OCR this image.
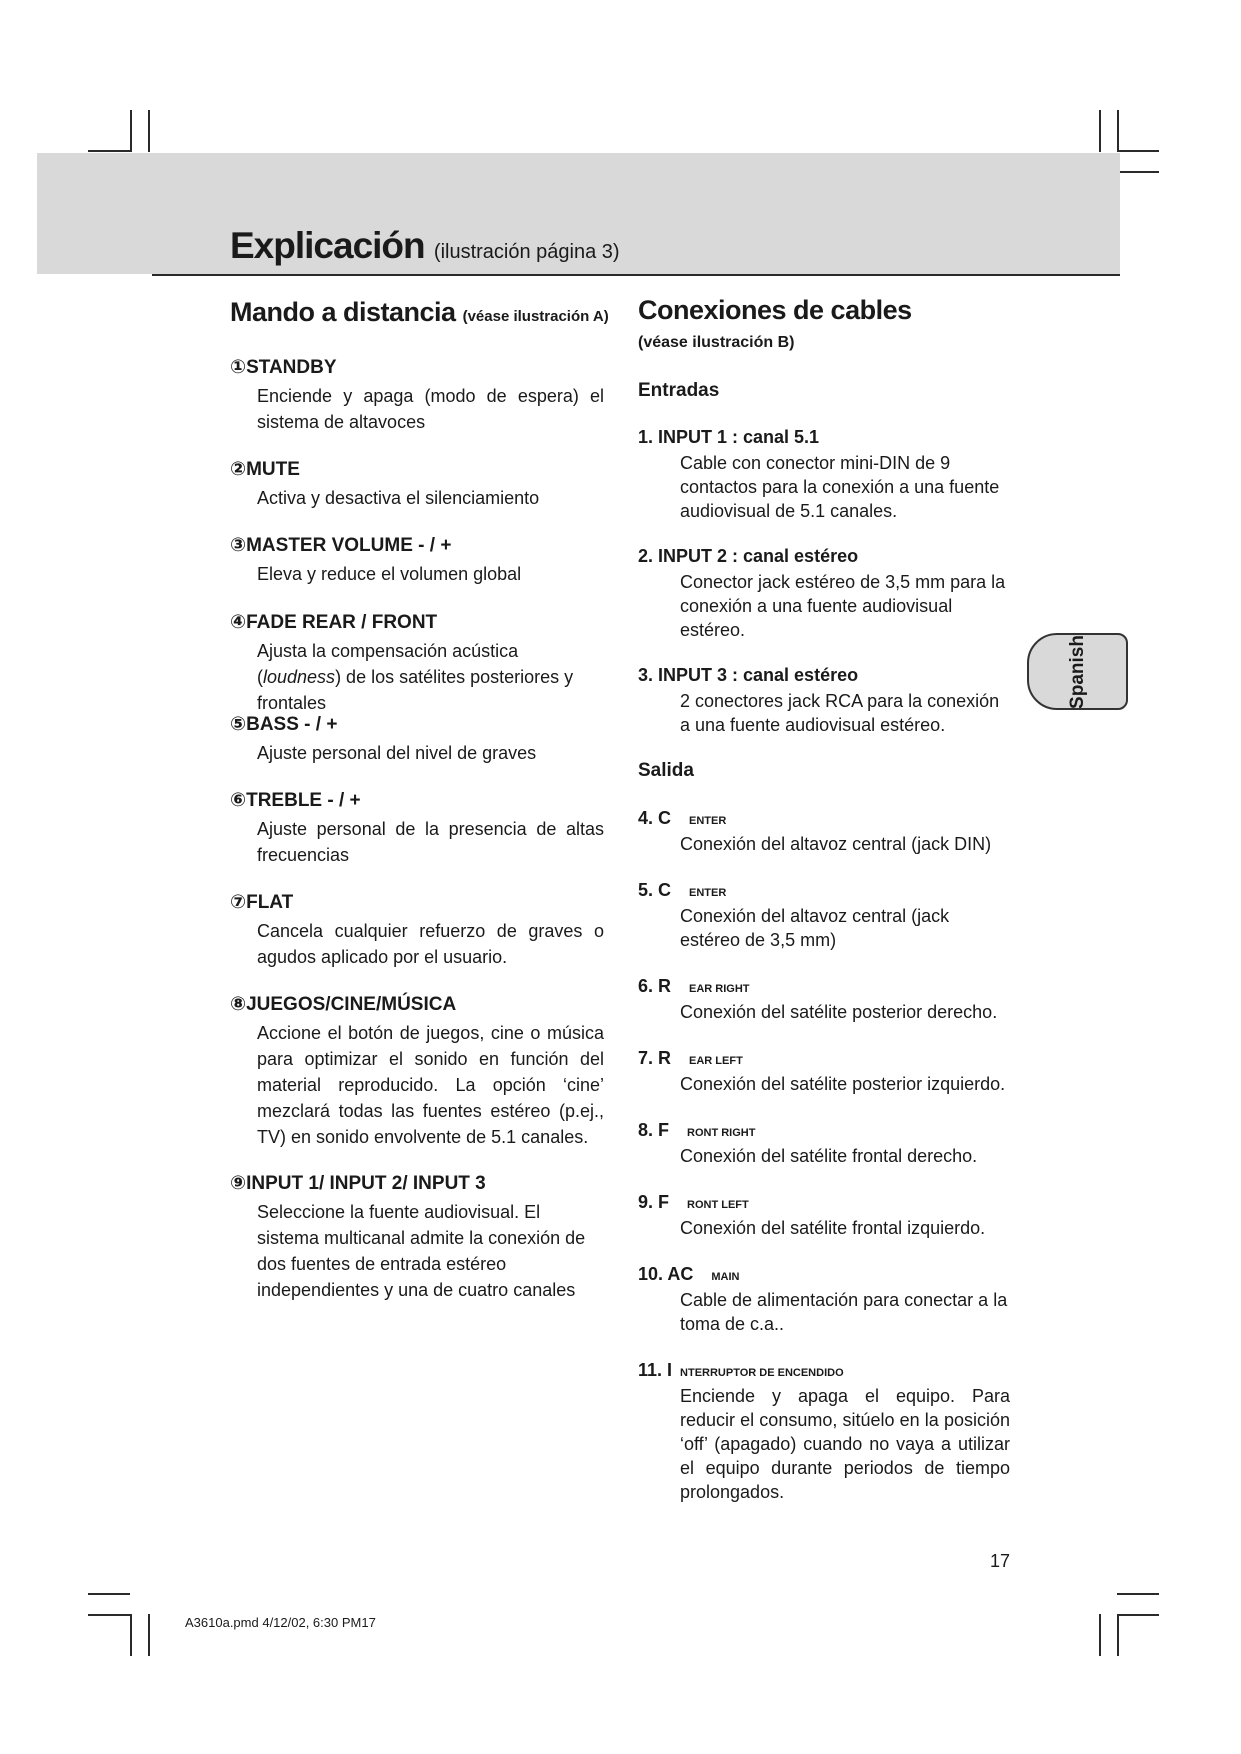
Explicación (ilustración página 3)
Mando a distancia (véase ilustración A)
①STANDBY
Enciende y apaga (modo de espera) el sistema de altavoces
②MUTE
Activa y desactiva el silenciamiento
③MASTER VOLUME - / +
Eleva y reduce el volumen global
④FADE REAR / FRONT
Ajusta la compensación acústica (loudness) de los satélites posteriores y frontales
⑤BASS - / +
Ajuste personal del nivel de graves
⑥TREBLE - / +
Ajuste personal de la presencia de altas frecuencias
⑦FLAT
Cancela cualquier refuerzo de graves o agudos aplicado por el usuario.
⑧JUEGOS/CINE/MÚSICA
Accione el botón de juegos, cine o música para optimizar el sonido en función del material reproducido. La opción ‘cine’ mezclará todas las fuentes estéreo (p.ej., TV) en sonido envolvente de 5.1 canales.
⑨INPUT 1/ INPUT 2/ INPUT 3
Seleccione la fuente audiovisual. El sistema multicanal admite la conexión de dos fuentes de entrada estéreo independientes y una de cuatro canales
Conexiones de cables
(véase ilustración B)
Entradas
1. INPUT 1 : canal 5.1
Cable con conector mini-DIN de 9 contactos para la conexión a una fuente audiovisual de 5.1 canales.
2. INPUT 2 : canal estéreo
Conector jack estéreo de 3,5 mm para la conexión a una fuente audiovisual estéreo.
3. INPUT 3 : canal estéreo
2 conectores jack RCA para la conexión a una fuente audiovisual estéreo.
Salida
4. C ENTER
Conexión del altavoz central (jack DIN)
5. C ENTER
Conexión del altavoz central (jack estéreo de 3,5 mm)
6. R EAR RIGHT
Conexión del satélite posterior derecho.
7. R EAR LEFT
Conexión del satélite posterior izquierdo.
8. F RONT RIGHT
Conexión del satélite frontal derecho.
9. F RONT LEFT
Conexión del satélite frontal izquierdo.
10. AC MAIN
Cable de alimentación para conectar a la toma de c.a..
11. I NTERRUPTOR DE ENCENDIDO
Enciende y apaga el equipo. Para reducir el consumo, sitúelo en la posición ‘off’ (apagado) cuando no vaya a utilizar el equipo durante periodos de tiempo prolongados.
Spanish
17
A3610a.pmd 4/12/02, 6:30 PM17
